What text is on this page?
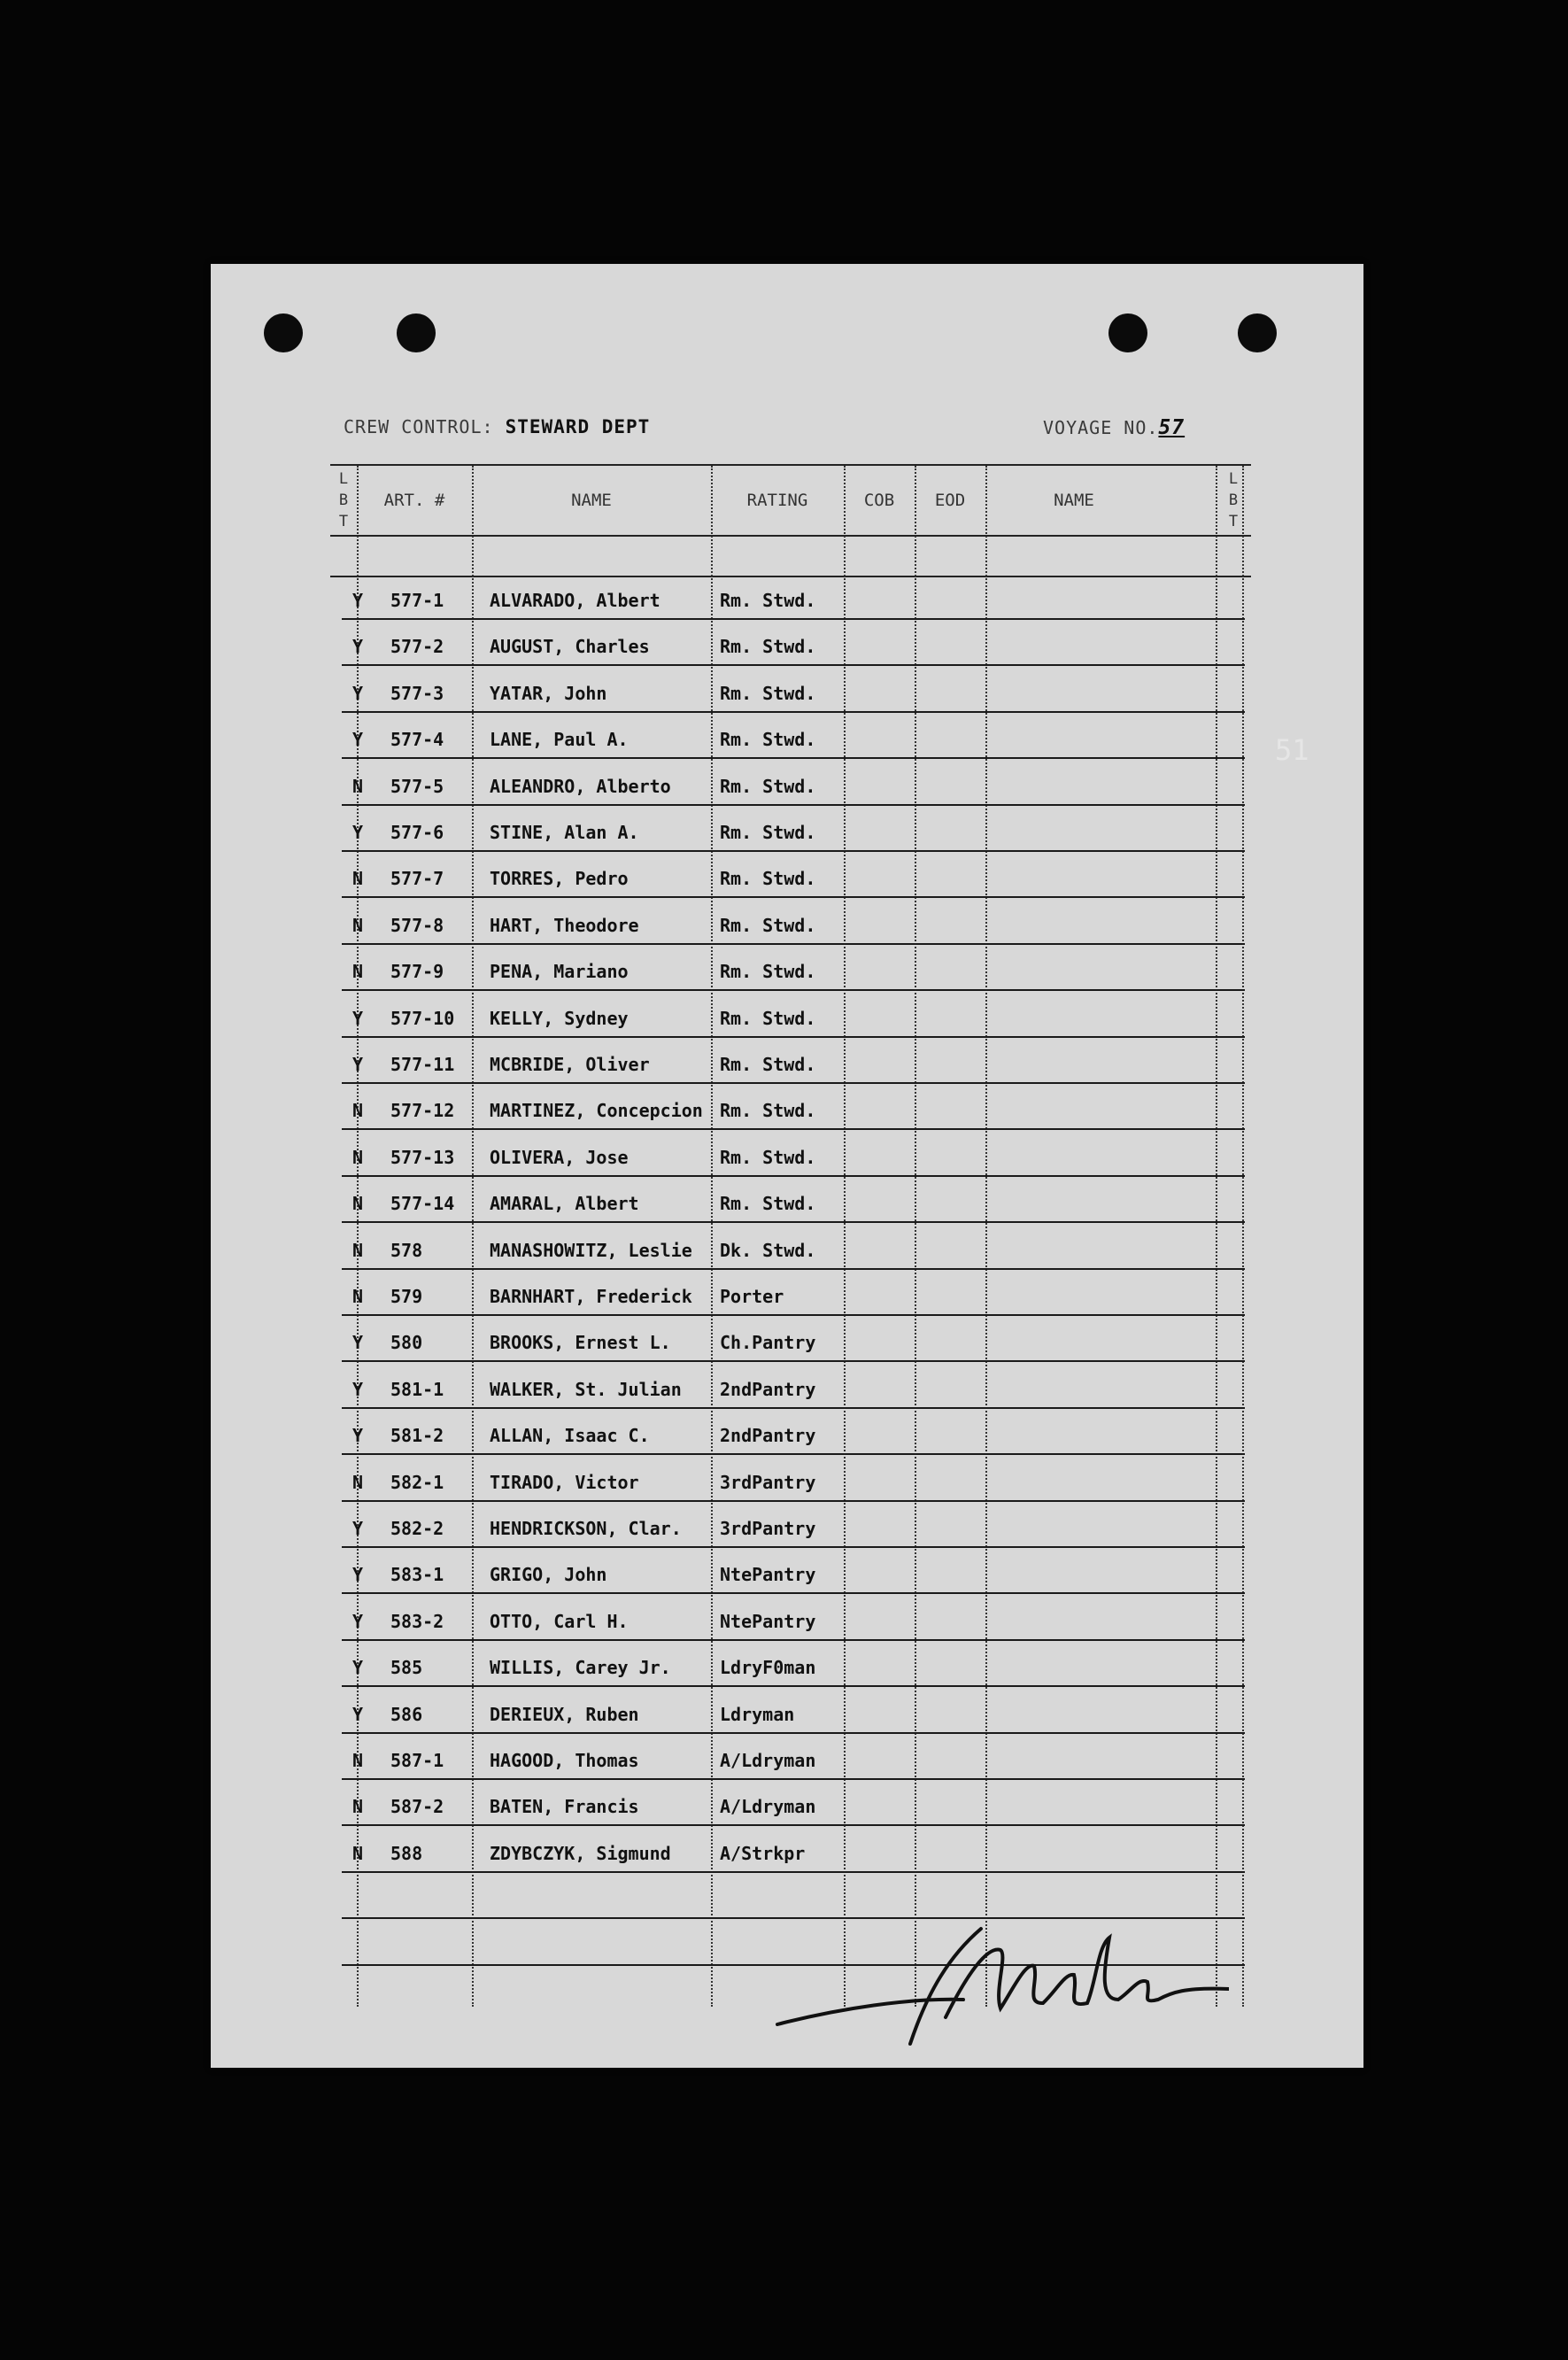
CREW CONTROL: STEWARD DEPT	VOYAGE NO.57
L
B
T
ART. #	NAME	RATING	COB	EOD	NAME
L
B
T
Y 577-1	ALVARADO, Albert	Rm. Stwd.
Y 577-2	AUGUST, Charles	Rm. Stwd.
Y 577-3	YATAR, John	Rm. Stwd.
Y 577-4	LANE, Paul A.	Rm. Stwd.
N 577-5	ALEANDRO, Alberto	Rm. Stwd.
Y 577-6	STINE, Alan A.	Rm. Stwd.
N 577-7	TORRES, Pedro	Rm. Stwd.
N 577-8	HART, Theodore	Rm. Stwd.
N 577-9	PENA, Mariano	Rm. Stwd.
Y 577-10 KELLY, Sydney	Rm. Stwd.
Y 577-11 MCBRIDE, Oliver	Rm. Stwd.
N 577-12 MARTINEZ, Concepcion Rm. Stwd.
N 577-13 OLIVERA, Jose	Rm. Stwd.
N 577-14 AMARAL, Albert	Rm. Stwd.
N 578	MANASHOWITZ, Leslie Dk. Stwd.
N 579	BARNHART, Frederick Porter
Y 580	BROOKS, Ernest L.	Ch.Pantry
Y 581-1	WALKER, St. Julian 2ndPantry
Y 581-2	ALLAN, Isaac C.	2ndPantry
N 582-1	TIRADO, Victor	3rdPantry
Y 582-2	HENDRICKSON, Clar. 3rdPantry
Y 583-1	GRIGO, John	NtePantry
Y 583-2	OTTO, Carl H.	NtePantry
Y 585	WILLIS, Carey Jr.	LdryF0man
Y 586	DERIEUX, Ruben	Ldryman
N 587-1	HAGOOD, Thomas	A/Ldryman
N 587-2	BATEN, Francis	A/Ldryman
N 588	ZDYBCZYK, Sigmund	A/Strkpr
51
